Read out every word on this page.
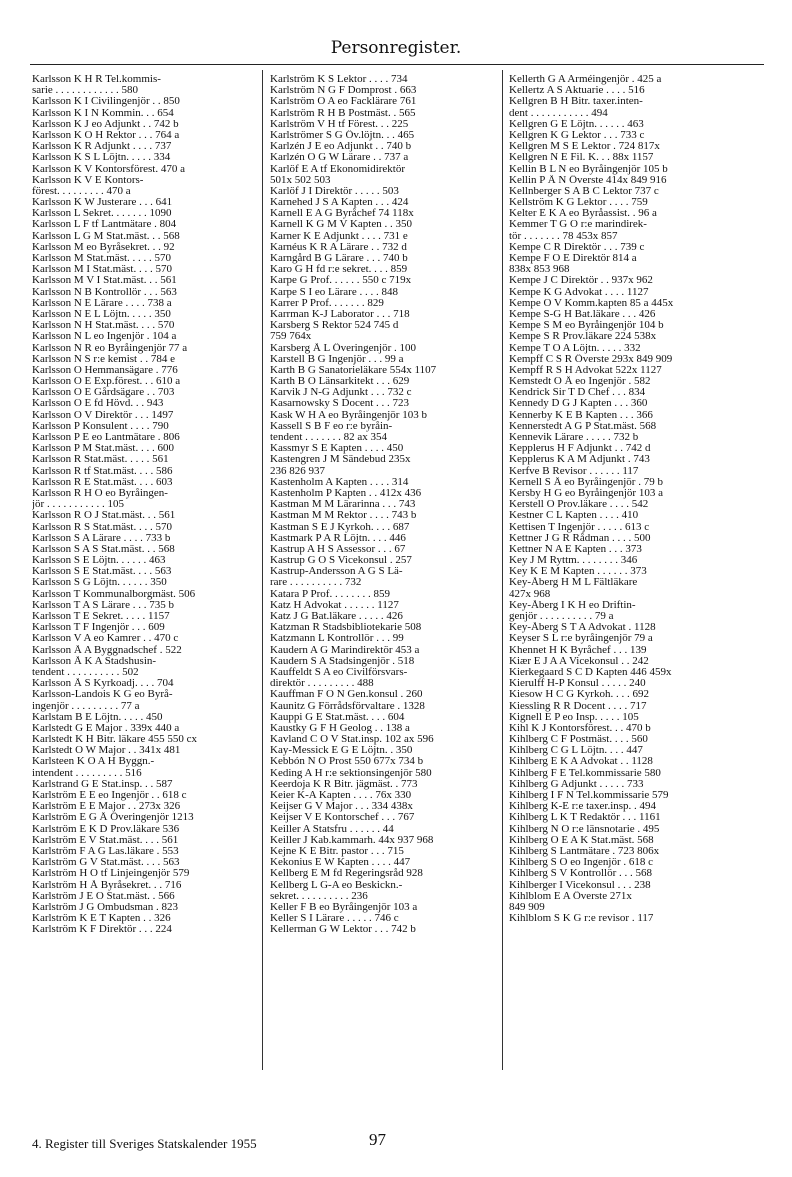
Personregister.
Karlsson K H R Tel.kommis-
sarie . . . . . . . . . . . . 580
Karlsson K I Civilingenjör . . 850
Karlsson K I N Kommin. . . 654
Karlsson K J eo Adjunkt . . 742 b
Karlsson K O H Rektor . . . 764 a
Karlsson K R Adjunkt . . . . 737
Karlsson K S L Löjtn. . . . . 334
Karlsson K V Kontorsförest. 470 a
Karlsson K V E Kontors-
förest. . . . . . . . . 470 a
Karlsson K W Justerare . . . 641
Karlsson L Sekret. . . . . . . 1090
Karlsson L F tf Lantmätare . 804
Karlsson L G M Stat.mäst. . . 568
Karlsson M eo Byråsekret. . . 92
Karlsson M Stat.mäst. . . . . 570
Karlsson M I Stat.mäst. . . . 570
Karlsson M V I Stat.mäst. . . 561
Karlsson N B Kontrollör . . . 563
Karlsson N E Lärare . . . . 738 a
Karlsson N E L Löjtn. . . . . 350
Karlsson N H Stat.mäst. . . . 570
Karlsson N L eo Ingenjör . 104 a
Karlsson N R eo Byråingenjör 77 a
Karlsson N S r:e kemist . . 784 e
Karlsson O Hemmansägare . 776
Karlsson O E Exp.förest. . . 610 a
Karlsson O E Gårdsägare . . 703
Karlsson O E fd Hövd. . . 943
Karlsson O V Direktör . . . 1497
Karlsson P Konsulent . . . . 790
Karlsson P E eo Lantmätare . 806
Karlsson P M Stat.mäst. . . . 600
Karlsson R Stat.mäst. . . . . 561
Karlsson R tf Stat.mäst. . . . 586
Karlsson R E Stat.mäst. . . . 603
Karlsson R H O eo Byråingen-
jör . . . . . . . . . . . 105
Karlsson R O J Stat.mäst. . . 561
Karlsson R S Stat.mäst. . . . 570
Karlsson S A Lärare . . . . 733 b
Karlsson S A S Stat.mäst. . . 568
Karlsson S E Löjtn. . . . . . 463
Karlsson S E Stat.mäst. . . . 563
Karlsson S G Löjtn. . . . . . 350
Karlsson T Kommunalborgmäst. 506
Karlsson T A S Lärare . . . 735 b
Karlsson T E Sekret. . . . . 1157
Karlsson T F Ingenjör . . . 609
Karlsson V A eo Kamrer . . 470 c
Karlsson Å A Byggnadschef . 522
Karlsson Å K A Stadshusin-
tendent . . . . . . . . . . 502
Karlsson Å S Kyrkoadj. . . . 704
Karlsson-Landois K G eo Byrå-
ingenjör . . . . . . . . . 77 a
Karlstam B E Löjtn. . . . . 450
Karlstedt G E Major . 339x 440 a
Karlstedt K H Bitr. läkare 455 550 cx
Karlstedt O W Major . . 341x 481
Karlsteen K O A H Byggn.-
intendent . . . . . . . . . 516
Karlstrand G E Stat.insp. . . 587
Karlström E E eo Ingenjör . . 618 c
Karlström E E Major . . 273x 326
Karlström E G Å Överingenjör 1213
Karlström E K D Prov.läkare 536
Karlström E V Stat.mäst. . . . 561
Karlström F A G Las.läkare . 553
Karlström G V Stat.mäst. . . . 563
Karlström H O tf Linjeingenjör 579
Karlström H Å Byråsekret. . . 716
Karlström J E O Stat.mäst. . 566
Karlström J G Ombudsman . 823
Karlström K E T Kapten . . 326
Karlström K F Direktör . . . 224
Karlström K S Lektor . . . . 734
Karlström N G F Domprost . 663
Karlström O A eo Facklärare 761
Karlström R H B Postmäst. . 565
Karlström V H tf Förest. . . 225
Karlströmer S G Öv.löjtn. . . 465
Karlzén J E eo Adjunkt . . 740 b
Karlzén O G W Lärare . . 737 a
Karlöf E A tf Ekonomidirektör
501x 502 503
Karlöf J I Direktör . . . . . 503
Karnehed J S A Kapten . . . 424
Karnell E A G Byråchef 74 118x
Karnell K G M V Kapten . . 350
Karner K E Adjunkt . . . . 731 e
Karnéus K R A Lärare . . 732 d
Karngård B G Lärare . . . 740 b
Karo G H fd r:e sekret. . . . 859
Karpe G Prof. . . . . . 550 c 719x
Karpe S I eo Lärare . . . . 848
Karrer P Prof. . . . . . . 829
Karrman K-J Laborator . . . 718
Karsberg S Rektor 524 745 d
759 764x
Karsberg Å L Överingenjör . 100
Karstell B G Ingenjör . . . 99 a
Karth B G Sanatorieläkare 554x 1107
Karth B O Länsarkitekt . . . 629
Karvik J N-G Adjunkt . . . 732 c
Kasarnowsky S Docent . . . 723
Kask W H A eo Byråingenjör 103 b
Kassell S B F eo r:e byråin-
tendent . . . . . . . 82 ax 354
Kassmyr S E Kapten . . . . 450
Kastengren J M Sändebud 235x
236 826 937
Kastenholm A Kapten . . . . 314
Kastenholm P Kapten . . 412x 436
Kastman M M Lärarinna . . . 743
Kastman M M Rektor . . . . 743 b
Kastman S E J Kyrkoh. . . . 687
Kastmark P A R Löjtn. . . . 446
Kastrup A H S Assessor . . . 67
Kastrup G O S Vicekonsul . 257
Kastrup-Andersson A G S Lä-
rare . . . . . . . . . . 732
Katara P Prof. . . . . . . . 859
Katz H Advokat . . . . . . 1127
Katz J G Bat.läkare . . . . . 426
Katzman R Stadsbibliotekarie 508
Katzmann L Kontrollör . . . 99
Kaudern A G Marindirektör 453 a
Kaudern S A Stadsingenjör . 518
Kauffeldt S A eo Civilförsvars-
direktör . . . . . . . . . 488
Kauffman F O N Gen.konsul . 260
Kaunitz G Förrådsförvaltare . 1328
Kauppi G E Stat.mäst. . . . 604
Kaustky G F H Geolog . . 138 a
Kavland C O V Stat.insp. 102 ax 596
Kay-Messick E G E Löjtn. . 350
Kebbón N O Prost 550 677x 734 b
Keding A H r:e sektionsingenjör 580
Keerdoja K R Bitr. jägmäst. . 773
Keier K-A Kapten . . . . 76x 330
Keijser G V Major . . . 334 438x
Keijser V E Kontorschef . . . 767
Keiller A Statsfru . . . . . . 44
Keiller J Kab.kammarh. 44x 937 968
Kejne K E Bitr. pastor . . . 715
Kekonius E W Kapten . . . . 447
Kellberg E M fd Regeringsråd 928
Kellberg L G-A eo Beskickn.-
sekret. . . . . . . . . . 236
Keller F B eo Byråingenjör 103 a
Keller S I Lärare . . . . . 746 c
Kellerman G W Lektor . . . 742 b
Kellerth G A Arméingenjör . 425 a
Kellertz A S Aktuarie . . . . 516
Kellgren B H Bitr. taxer.inten-
dent . . . . . . . . . . . 494
Kellgren G E Löjtn. . . . . . 463
Kellgren K G Lektor . . . 733 c
Kellgren M S E Lektor . 724 817x
Kellgren N E Fil. K. . . 88x 1157
Kellin B L N eo Byråingenjör 105 b
Kellin P Å N Överste 414x 849 916
Kellnberger S A B C Lektor 737 c
Kellström K G Lektor . . . . 759
Kelter E K A eo Byråassist. . 96 a
Kemmer T G O r:e marindirek-
tör . . . . . . . 78 453x 857
Kempe C R Direktör . . . 739 c
Kempe F O E Direktör 814 a
838x 853 968
Kempe J C Direktör . . 937x 962
Kempe K G Advokat . . . . 1127
Kempe O V Komm.kapten 85 a 445x
Kempe S-G H Bat.läkare . . . 426
Kempe S M eo Byråingenjör 104 b
Kempe S R Prov.läkare 224 538x
Kempe T O A Löjtn. . . . . 332
Kempff C S R Överste 293x 849 909
Kempff R S H Advokat 522x 1127
Kemstedt O Å eo Ingenjör . 582
Kendrick Sir T D Chef . . . 834
Kennedy D G J Kapten . . . 360
Kennerby K E B Kapten . . . 366
Kennerstedt A G P Stat.mäst. 568
Kennevik Lärare . . . . . 732 b
Kepplerus H F Adjunkt . . 742 d
Kepplerus K A M Adjunkt . 743
Kerfve B Revisor . . . . . . 117
Kernell S Å eo Byråingenjör . 79 b
Kersby H G eo Byråingenjör 103 a
Kerstell O Prov.läkare . . . . 542
Kestner C L Kapten . . . . 410
Kettisen T Ingenjör . . . . . 613 c
Kettner J G R Rådman . . . . 500
Kettner N A E Kapten . . . 373
Key J M Ryttm. . . . . . . . 346
Key K E M Kapten . . . . . . 373
Key-Åberg H M L Fältläkare
427x 968
Key-Åberg I K H eo Driftin-
genjör . . . . . . . . . . 79 a
Key-Åberg S T A Advokat . 1128
Keyser S L r:e byråingenjör 79 a
Khennet H K Byråchef . . . 139
Kiær E J A A Vicekonsul . . 242
Kierkegaard S C D Kapten 446 459x
Kierulff H-P Konsul . . . . . 240
Kiesow H C G Kyrkoh. . . . 692
Kiessling R R Docent . . . . 717
Kignell E P eo Insp. . . . . 105
Kihl K J Kontorsförest. . . 470 b
Kihlberg C F Postmäst. . . . 560
Kihlberg C G L Löjtn. . . . 447
Kihlberg E K A Advokat . . 1128
Kihlberg F E Tel.kommissarie 580
Kihlberg G Adjunkt . . . . . 733
Kihlberg I F N Tel.kommissarie 579
Kihlberg K-E r:e taxer.insp. . 494
Kihlberg L K T Redaktör . . . 1161
Kihlberg N O r:e länsnotarie . 495
Kihlberg O E A K Stat.mäst. 568
Kihlberg S Lantmätare . 723 806x
Kihlberg S O eo Ingenjör . 618 c
Kihlberg S V Kontrollör . . . 568
Kihlberger I Vicekonsul . . . 238
Kihlblom E A Överste 271x
849 909
Kihlblom S K G r:e revisor . 117
4. Register till Sveriges Statskalender 1955	97
